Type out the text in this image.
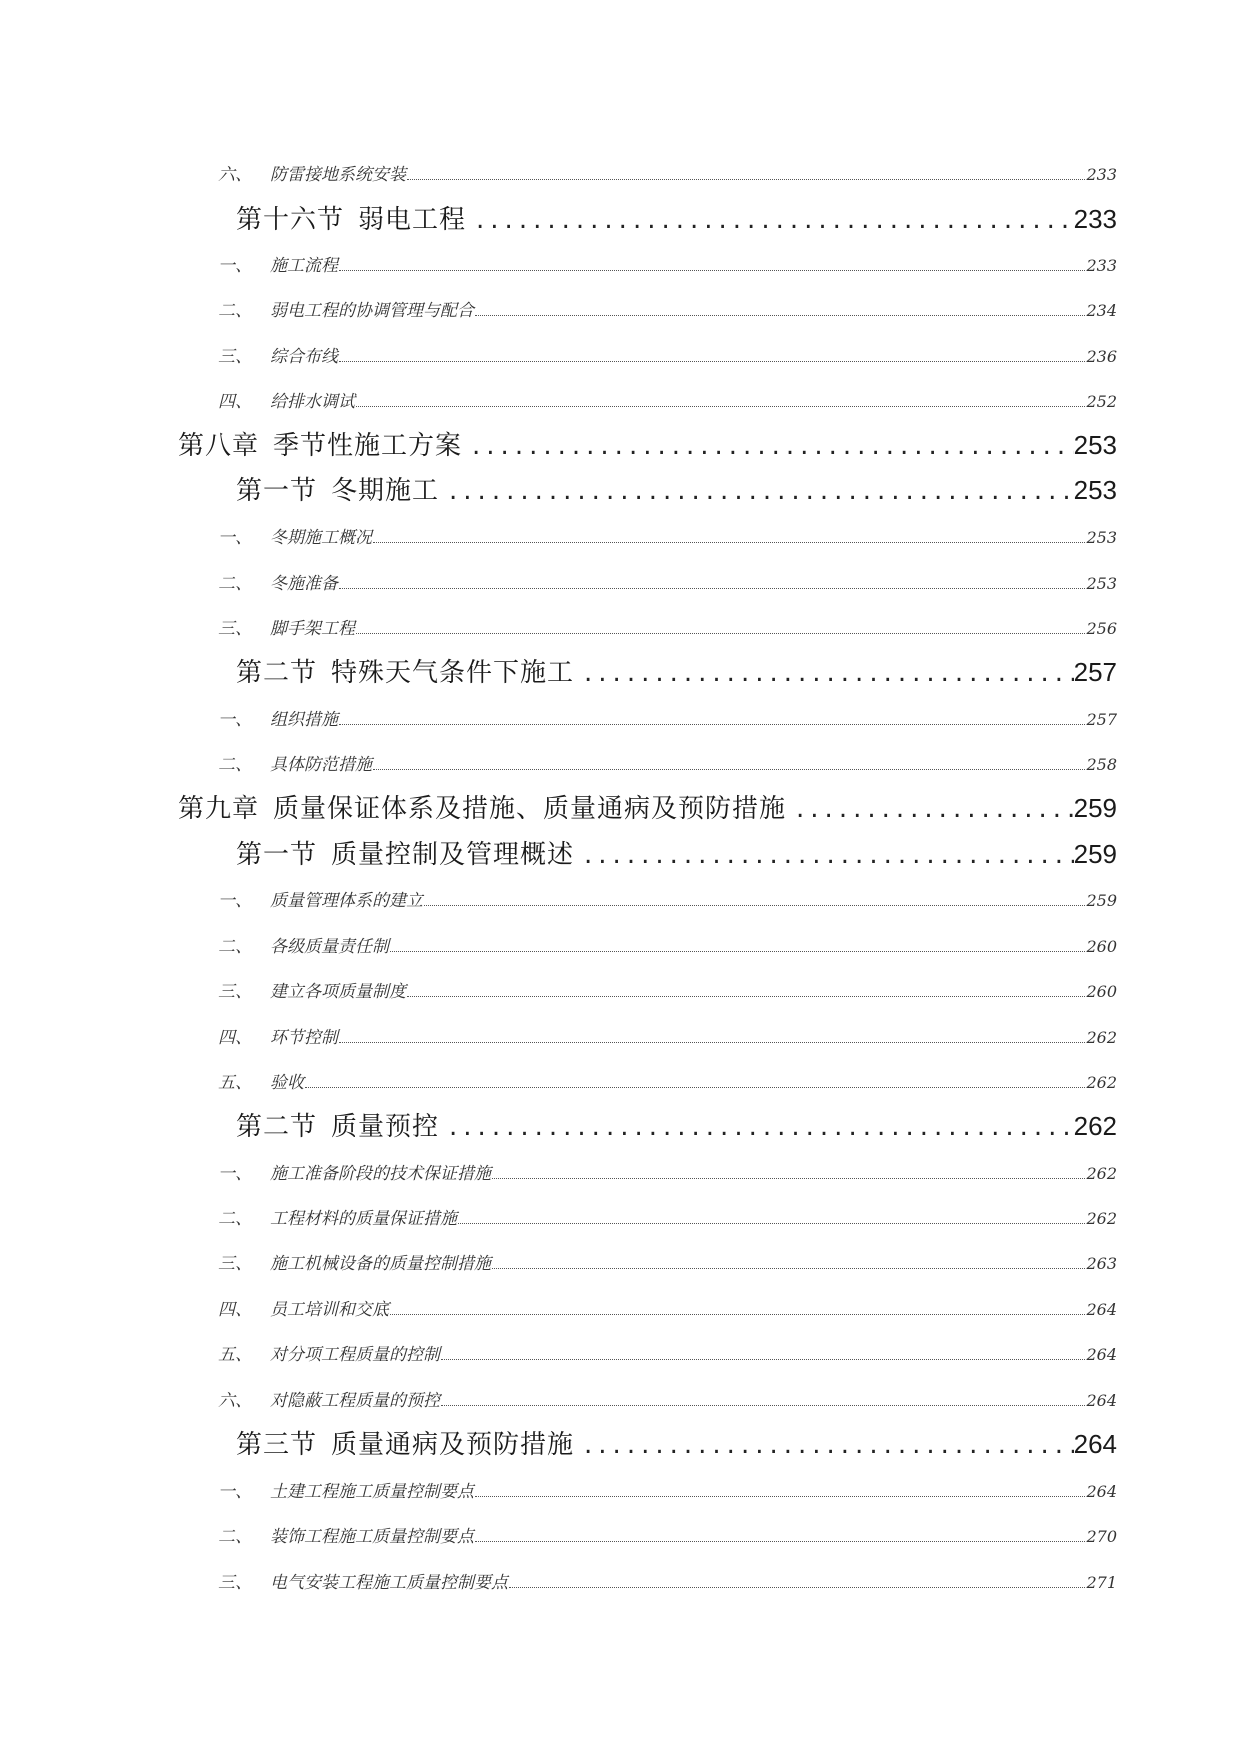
六、	防雷接地系统安装	233
第十六节 弱电工程 .....	233
一、	施工流程	233
二、	弱电工程的协调管理与配合	234
三、	综合布线	236
四、	给排水调试	252
第八章 季节性施工方案 .....	253
第一节 冬期施工 .....	253
一、	冬期施工概况	253
二、	冬施准备	253
三、	脚手架工程	256
第二节 特殊天气条件下施工 .....	257
一、	组织措施	257
二、	具体防范措施	258
第九章 质量保证体系及措施、质量通病及预防措施 .....	259
第一节 质量控制及管理概述 .....	259
一、	质量管理体系的建立	259
二、	各级质量责任制	260
三、	建立各项质量制度	260
四、	环节控制	262
五、	验收	262
第二节 质量预控 .....	262
一、	施工准备阶段的技术保证措施	262
二、	工程材料的质量保证措施	262
三、	施工机械设备的质量控制措施	263
四、	员工培训和交底	264
五、	对分项工程质量的控制	264
六、	对隐蔽工程质量的预控	264
第三节 质量通病及预防措施 .....	264
一、	土建工程施工质量控制要点	264
二、	装饰工程施工质量控制要点	270
三、	电气安装工程施工质量控制要点	271
